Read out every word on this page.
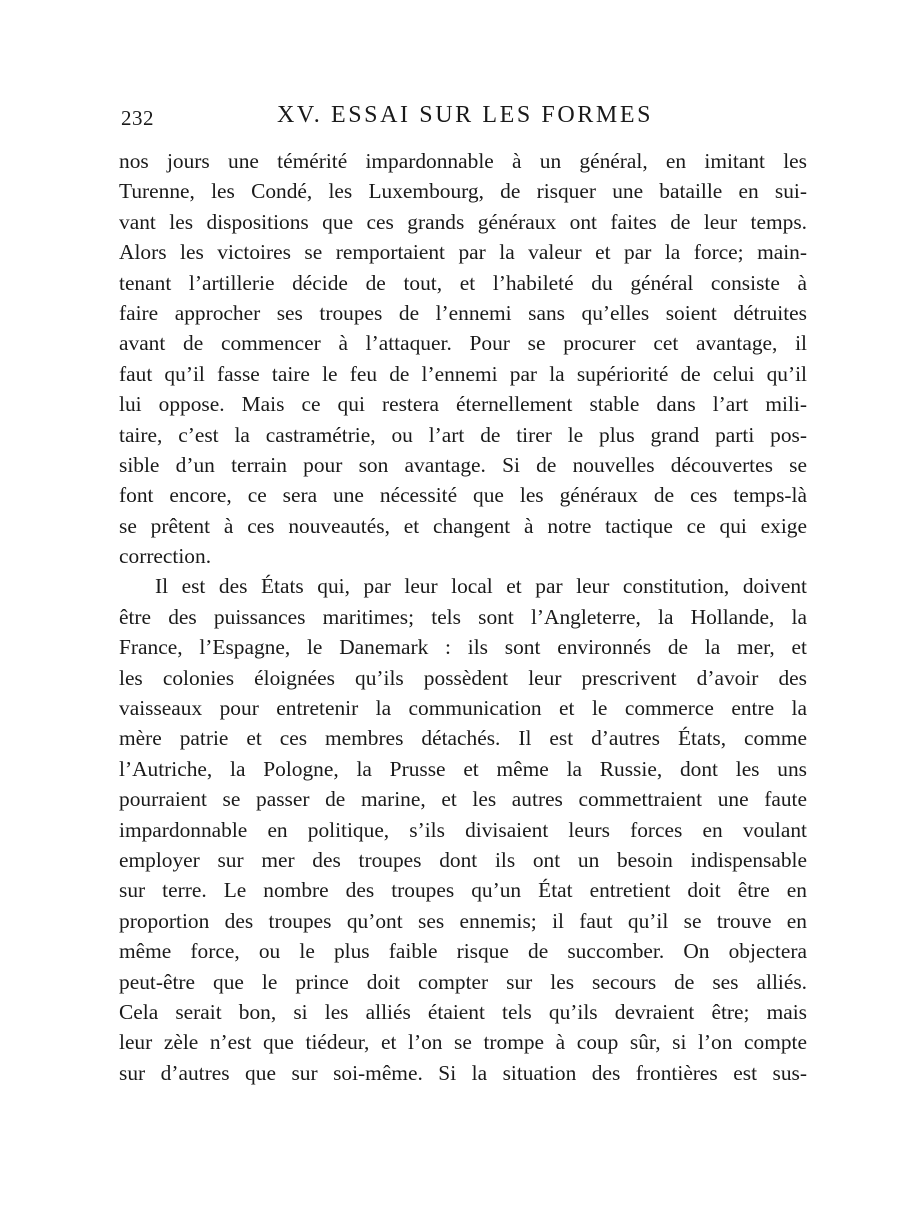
232	XV. ESSAI SUR LES FORMES
nos jours une témérité impardonnable à un général, en imitant les
Turenne, les Condé, les Luxembourg, de risquer une bataille en sui-
vant les dispositions que ces grands généraux ont faites de leur temps.
Alors les victoires se remportaient par la valeur et par la force; main-
tenant l’artillerie décide de tout, et l’habileté du général consiste à
faire approcher ses troupes de l’ennemi sans qu’elles soient détruites
avant de commencer à l’attaquer. Pour se procurer cet avantage, il
faut qu’il fasse taire le feu de l’ennemi par la supériorité de celui qu’il
lui oppose. Mais ce qui restera éternellement stable dans l’art mili-
taire, c’est la castramétrie, ou l’art de tirer le plus grand parti pos-
sible d’un terrain pour son avantage. Si de nouvelles découvertes se
font encore, ce sera une nécessité que les généraux de ces temps-là
se prêtent à ces nouveautés, et changent à notre tactique ce qui exige
correction.
Il est des États qui, par leur local et par leur constitution, doivent
être des puissances maritimes; tels sont l’Angleterre, la Hollande, la
France, l’Espagne, le Danemark : ils sont environnés de la mer, et
les colonies éloignées qu’ils possèdent leur prescrivent d’avoir des
vaisseaux pour entretenir la communication et le commerce entre la
mère patrie et ces membres détachés. Il est d’autres États, comme
l’Autriche, la Pologne, la Prusse et même la Russie, dont les uns
pourraient se passer de marine, et les autres commettraient une faute
impardonnable en politique, s’ils divisaient leurs forces en voulant
employer sur mer des troupes dont ils ont un besoin indispensable
sur terre. Le nombre des troupes qu’un État entretient doit être en
proportion des troupes qu’ont ses ennemis; il faut qu’il se trouve en
même force, ou le plus faible risque de succomber. On objectera
peut-être que le prince doit compter sur les secours de ses alliés.
Cela serait bon, si les alliés étaient tels qu’ils devraient être; mais
leur zèle n’est que tiédeur, et l’on se trompe à coup sûr, si l’on compte
sur d’autres que sur soi-même. Si la situation des frontières est sus-
